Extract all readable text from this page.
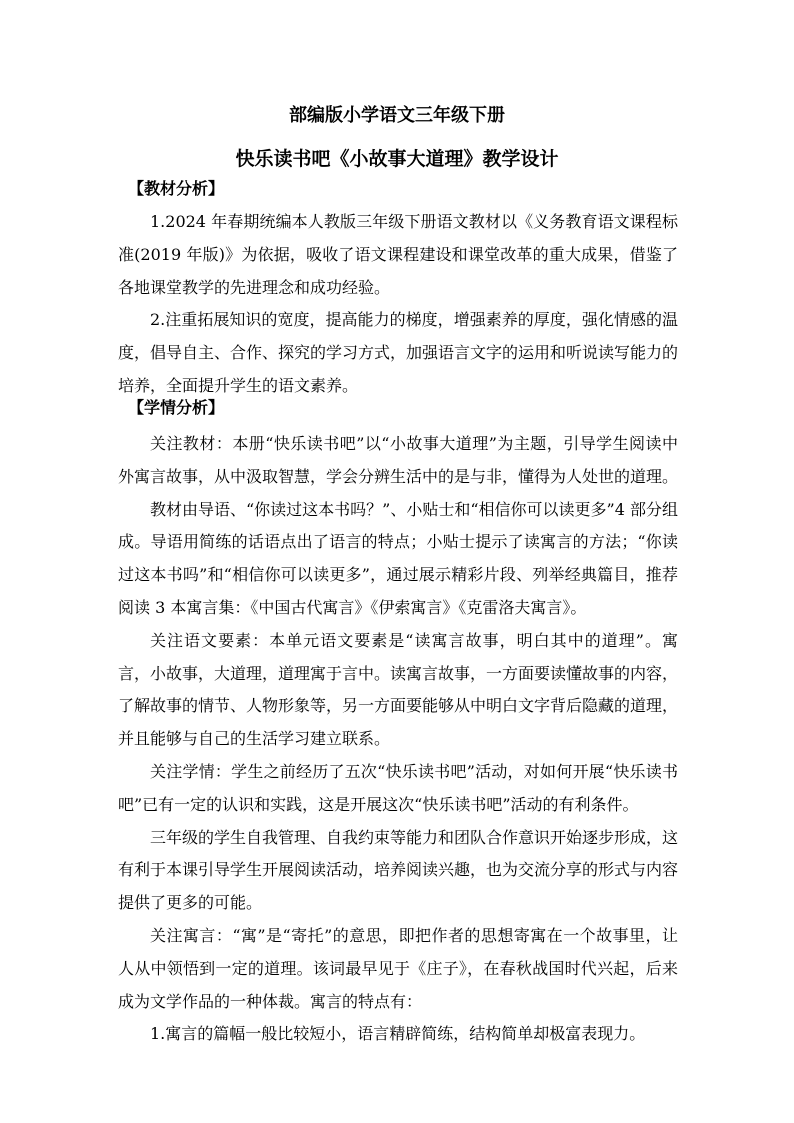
部编版小学语文三年级下册
快乐读书吧《小故事大道理》教学设计
【教材分析】

1.2024 年春期统编本人教版三年级下册语文教材以《义务教育语文课程标准(2019 年版)》为依据，吸收了语文课程建设和课堂改革的重大成果，借鉴了各地课堂教学的先进理念和成功经验。

2.注重拓展知识的宽度，提高能力的梯度，增强素养的厚度，强化情感的温度，倡导自主、合作、探究的学习方式，加强语言文字的运用和听说读写能力的培养，全面提升学生的语文素养。

【学情分析】

关注教材：本册“快乐读书吧”以“小故事大道理”为主题，引导学生阅读中外寓言故事，从中汲取智慧，学会分辨生活中的是与非，懂得为人处世的道理。

教材由导语、“你读过这本书吗？”、小贴士和“相信你可以读更多”4 部分组成。导语用简练的话语点出了语言的特点；小贴士提示了读寓言的方法；“你读过这本书吗”和“相信你可以读更多”，通过展示精彩片段、列举经典篇目，推荐阅读 3 本寓言集：《中国古代寓言》《伊索寓言》《克雷洛夫寓言》。

关注语文要素：本单元语文要素是“读寓言故事，明白其中的道理”。寓言，小故事，大道理，道理寓于言中。读寓言故事，一方面要读懂故事的内容，了解故事的情节、人物形象等，另一方面要能够从中明白文字背后隐藏的道理，并且能够与自己的生活学习建立联系。

关注学情：学生之前经历了五次“快乐读书吧”活动，对如何开展“快乐读书吧”已有一定的认识和实践，这是开展这次“快乐读书吧”活动的有利条件。

三年级的学生自我管理、自我约束等能力和团队合作意识开始逐步形成，这有利于本课引导学生开展阅读活动，培养阅读兴趣，也为交流分享的形式与内容提供了更多的可能。

关注寓言：“寓”是“寄托”的意思，即把作者的思想寄寓在一个故事里，让人从中领悟到一定的道理。该词最早见于《庄子》，在春秋战国时代兴起，后来成为文学作品的一种体裁。寓言的特点有：

1.寓言的篇幅一般比较短小，语言精辟简练，结构简单却极富表现力。
